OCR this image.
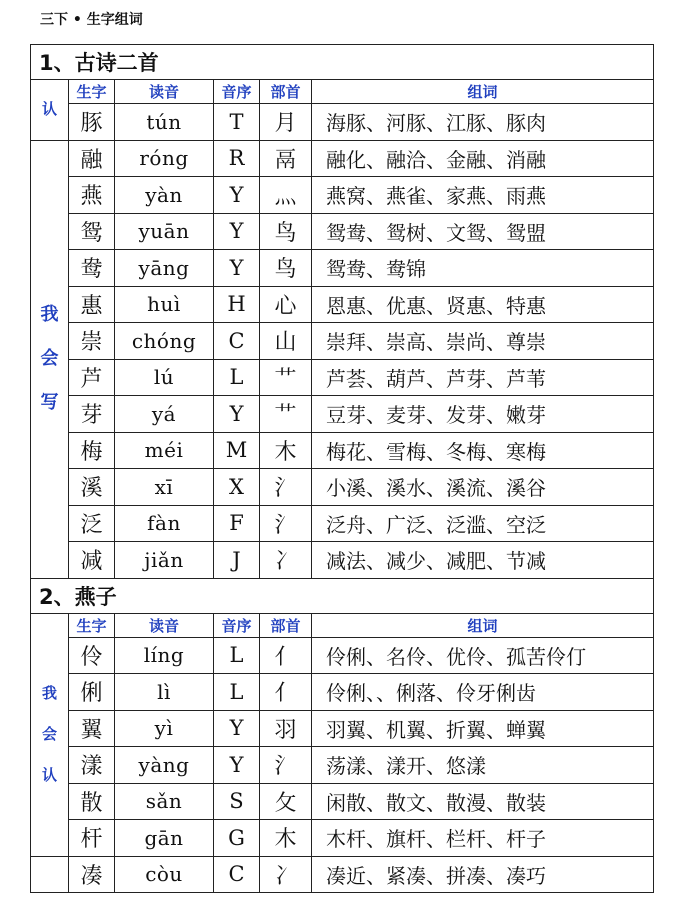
三下 • 生字组词
1、古诗二首					

认	生字	读音	音序	部首	组词
	豚	tún	T	月	海豚、河豚、江豚、豚肉

我
会
写	融	róng	R	鬲	融化、融洽、金融、消融
	燕	yàn	Y	灬	燕窝、燕雀、家燕、雨燕
	鸳	yuān	Y	鸟	鸳鸯、鸳树、文鸳、鸳盟
	鸯	yāng	Y	鸟	鸳鸯、鸯锦
	惠	huì	H	心	恩惠、优惠、贤惠、特惠
	崇	chóng	C	山	崇拜、崇高、崇尚、尊崇
	芦	lú	L	艹	芦荟、葫芦、芦芽、芦苇
	芽	yá	Y	艹	豆芽、麦芽、发芽、嫩芽
	梅	méi	M	木	梅花、雪梅、冬梅、寒梅
	溪	xī	X	氵	小溪、溪水、溪流、溪谷
	泛	fàn	F	氵	泛舟、广泛、泛滥、空泛
	减	jiǎn	J	冫	减法、减少、减肥、节减
2、燕子					

我
会
认	生字	读音	音序	部首	组词
	伶	líng	L	亻	伶俐、名伶、优伶、孤苦伶仃
	俐	lì	L	亻	伶俐、、俐落、伶牙俐齿
	翼	yì	Y	羽	羽翼、机翼、折翼、蝉翼
	漾	yàng	Y	氵	荡漾、漾开、悠漾
	散	sǎn	S	攵	闲散、散文、散漫、散装
	杆	gān	G	木	木杆、旗杆、栏杆、杆子
	凑	còu	C	冫	凑近、紧凑、拼凑、凑巧
